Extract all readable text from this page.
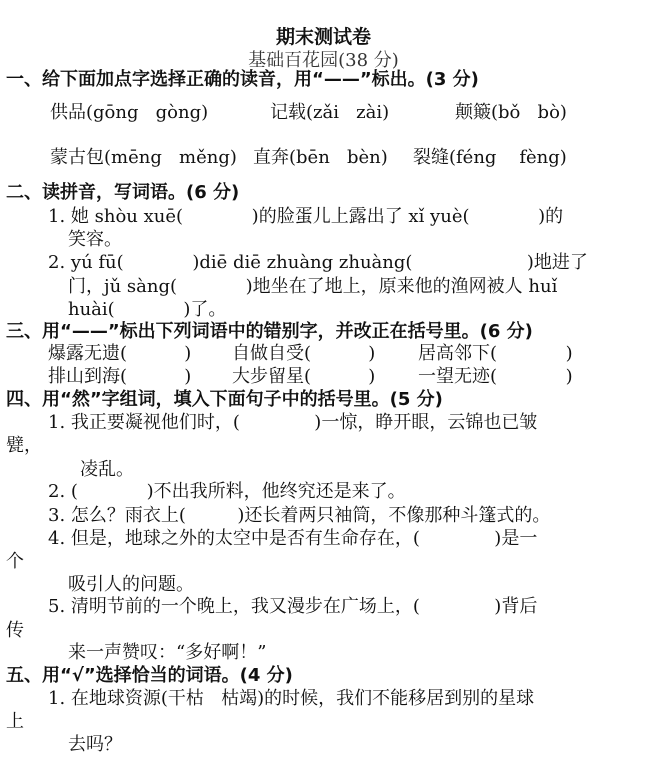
期末测试卷
基础百花园(38 分)
一、给下面加点字选择正确的读音，用“——”标出。(3 分)
供品(gōng   gòng)	记载(zǎi   zài)	颠簸(bǒ   bò)
蒙古包(mēng   měng) 直奔(bēn   bèn) 裂缝(féng    fèng)
二、读拼音，写词语。(6 分)
1. 她 shòu xuē(            )的脸蛋儿上露出了 xǐ yuè(            )的
笑容。
2. yú fū(            )diē diē zhuàng zhuàng(                    )地进了
门，jǔ sàng(            )地坐在了地上，原来他的渔网被人 huǐ
huài(            )了。
三、用“——”标出下列词语中的错别字，并改正在括号里。(6 分)
爆露无遗(          ) 自做自受(          ) 居高邻下(            )
排山到海(          ) 大步留星(          ) 一望无迹(            )
四、用“然”字组词，填入下面句子中的括号里。(5 分)
1. 我正要凝视他们时，(             )一惊，睁开眼，云锦也已皱
甓，
凌乱。
2. (            )不出我所料，他终究还是来了。
3. 怎么？雨衣上(         )还长着两只袖筒，不像那种斗篷式的。
4. 但是，地球之外的太空中是否有生命存在，(             )是一
个
吸引人的问题。
5. 清明节前的一个晚上，我又漫步在广场上，(             )背后
传
来一声赞叹：“多好啊！”
五、用“√”选择恰当的词语。(4 分)
1. 在地球资源(干枯   枯竭)的时候，我们不能移居到别的星球
上
去吗？
